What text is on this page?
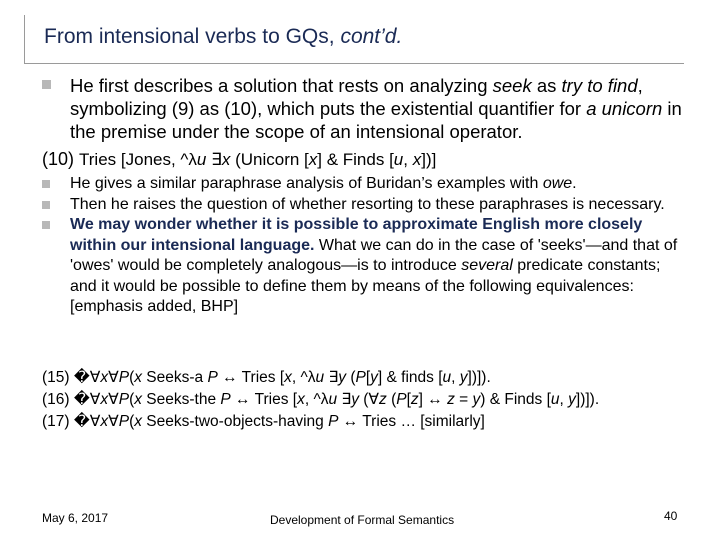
From intensional verbs to GQs, cont’d.
He first describes a solution that rests on analyzing seek as try to find, symbolizing (9) as (10), which puts the existential quantifier for a unicorn in the premise under the scope of an intensional operator.
(10) Tries [Jones, ^λu ∃x (Unicorn [x] & Finds [u, x])]
He gives a similar paraphrase analysis of Buridan’s examples with owe.
Then he raises the question of whether resorting to these paraphrases is necessary.
We may wonder whether it is possible to approximate English more closely within our intensional language. What we can do in the case of 'seeks'—and that of 'owes' would be completely analogous—is to introduce several predicate constants; and it would be possible to define them by means of the following equivalences: [emphasis added, BHP]
(15) �∀x∀P(x Seeks-a P ↔ Tries [x, ^λu ∃y (P[y] & finds [u, y])]).
(16) �∀x∀P(x Seeks-the P ↔ Tries [x, ^λu ∃y (∀z (P[z] ↔ z = y) & Finds [u, y])]).
(17) �∀x∀P(x Seeks-two-objects-having P ↔ Tries … [similarly]
May 6, 2017	Development of Formal Semantics	40
